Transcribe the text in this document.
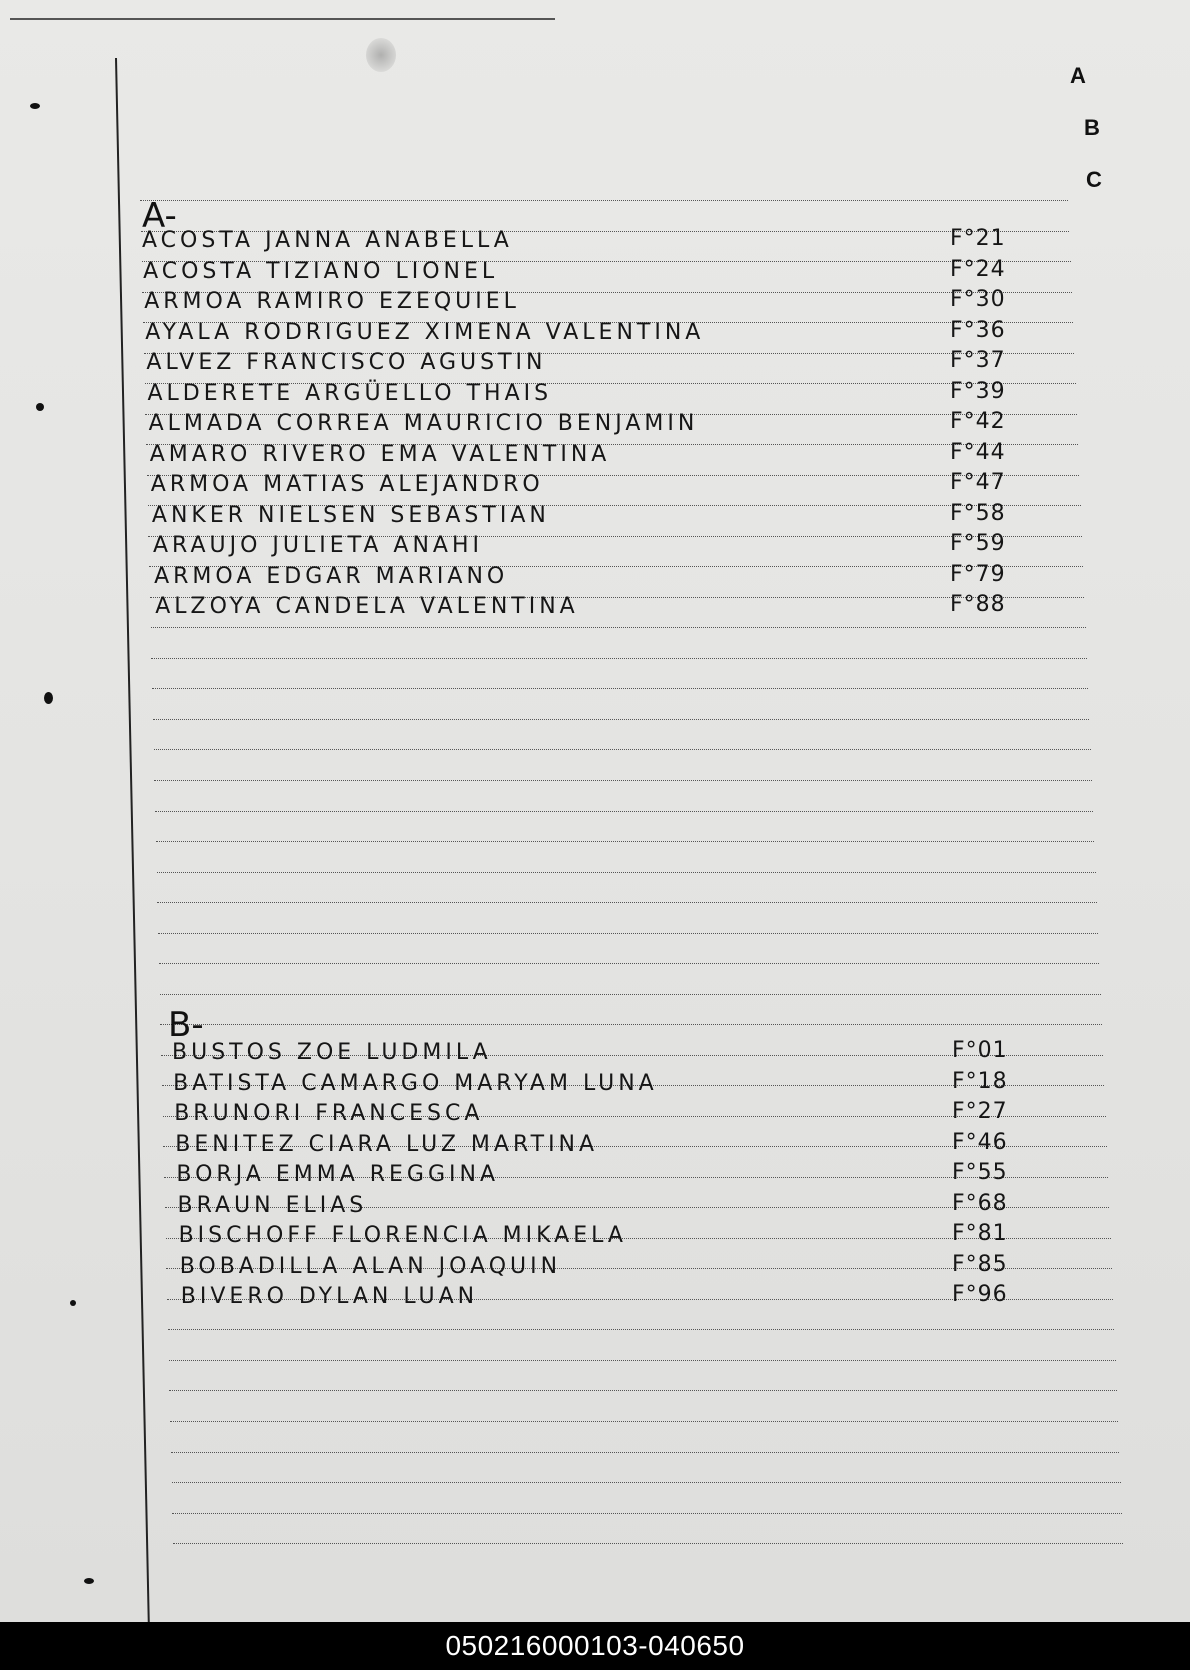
A
B
C
A-
ACOSTA JANNA ANABELLA	F°21
ACOSTA TIZIANO LIONEL	F°24
ARMOA RAMIRO EZEQUIEL	F°30
AYALA RODRIGUEZ XIMENA VALENTINA	F°36
ALVEZ FRANCISCO AGUSTIN	F°37
ALDERETE ARGÜELLO THAIS	F°39
ALMADA CORREA MAURICIO BENJAMIN	F°42
AMARO RIVERO EMA VALENTINA	F°44
ARMOA MATIAS ALEJANDRO	F°47
ANKER NIELSEN SEBASTIAN	F°58
ARAUJO JULIETA ANAHI	F°59
ARMOA EDGAR MARIANO	F°79
ALZOYA CANDELA VALENTINA	F°88
B-
BUSTOS ZOE LUDMILA	F°01
BATISTA CAMARGO MARYAM LUNA	F°18
BRUNORI FRANCESCA	F°27
BENITEZ CIARA LUZ MARTINA	F°46
BORJA EMMA REGGINA	F°55
BRAUN ELIAS	F°68
BISCHOFF FLORENCIA MIKAELA	F°81
BOBADILLA ALAN JOAQUIN	F°85
BIVERO DYLAN LUAN	F°96
050216000103-040650
